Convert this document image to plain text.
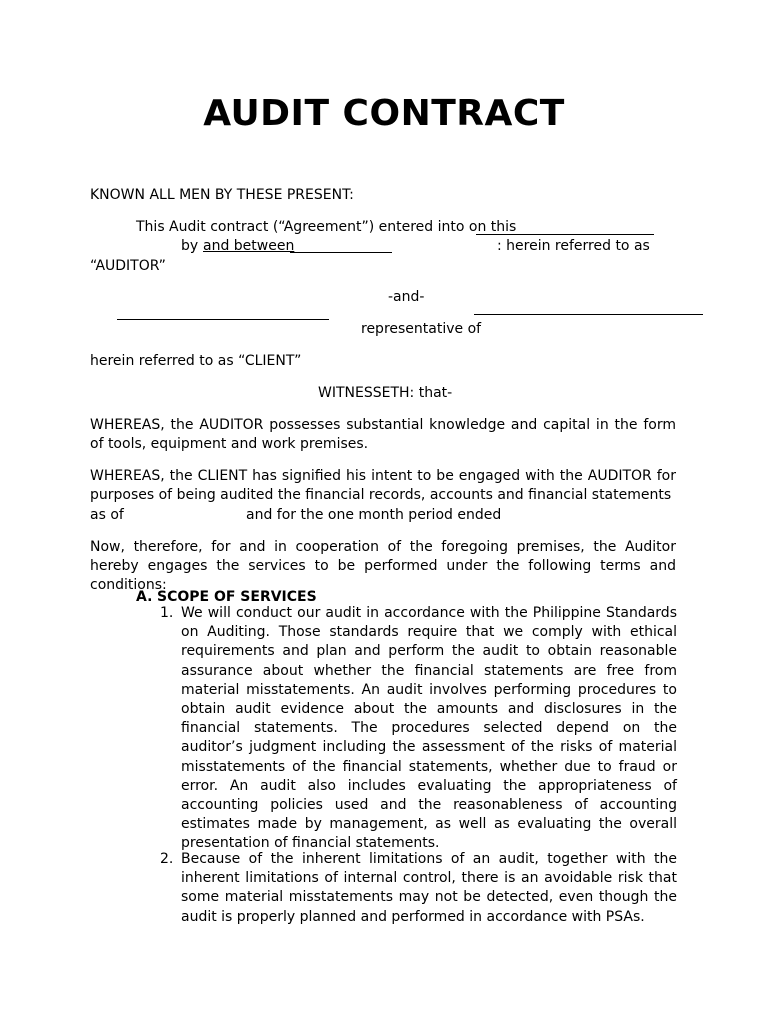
AUDIT CONTRACT
KNOWN ALL MEN BY THESE PRESENT:
This Audit contract (“Agreement”) entered into on this
by and between	: herein referred to as
“AUDITOR”
-and-
representative of
herein referred to as “CLIENT”
WITNESSETH: that-
WHEREAS, the AUDITOR possesses substantial knowledge and capital in the form of tools, equipment and work premises.
WHEREAS, the CLIENT has signified his intent to be engaged with the AUDITOR for purposes of being audited the financial records, accounts and financial statements
as of	and for the one month period ended
Now, therefore, for and in cooperation of the foregoing premises, the Auditor hereby engages the services to be performed under the following terms and conditions:
A. SCOPE OF SERVICES
1. We will conduct our audit in accordance with the Philippine Standards on Auditing. Those standards require that we comply with ethical requirements and plan and perform the audit to obtain reasonable assurance about whether the financial statements are free from material misstatements. An audit involves performing procedures to obtain audit evidence about the amounts and disclosures in the financial statements. The procedures selected depend on the auditor’s judgment including the assessment of the risks of material misstatements of the financial statements, whether due to fraud or error. An audit also includes evaluating the appropriateness of accounting policies used and the reasonableness of accounting estimates made by management, as well as evaluating the overall presentation of financial statements.
2. Because of the inherent limitations of an audit, together with the inherent limitations of internal control, there is an avoidable risk that some material misstatements may not be detected, even though the audit is properly planned and performed in accordance with PSAs.
